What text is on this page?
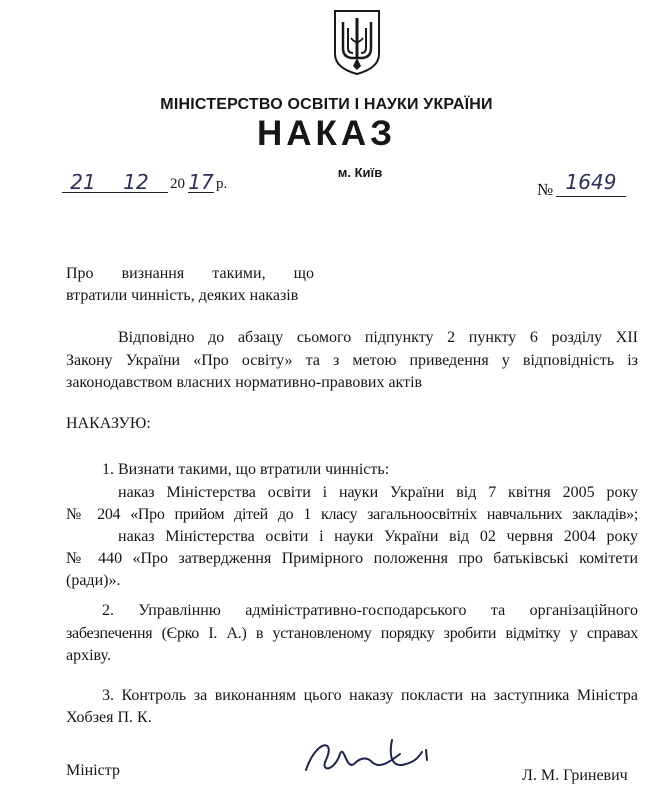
МІНІСТЕРСТВО ОСВІТИ І НАУКИ УКРАЇНИ
НАКАЗ
21	12	20 17 р.
м. Київ
№ 1649
Про визнання такими, що
втратили чинність, деяких наказів
Відповідно до абзацу сьомого підпункту 2 пункту 6 розділу XII
Закону України «Про освіту» та з метою приведення у відповідність із
законодавством власних нормативно-правових актів
НАКАЗУЮ:
1. Визнати такими, що втратили чинність:
наказ Міністерства освіти і науки України від 7 квітня 2005 року
№ 204 «Про прийом дітей до 1 класу загальноосвітніх навчальних закладів»;
наказ Міністерства освіти і науки України від 02 червня 2004 року
№ 440 «Про затвердження Примірного положення про батьківські комітети
(ради)».
2. Управлінню адміністративно-господарського та організаційного
забезпечення (Єрко І. А.) в установленому порядку зробити відмітку у справах
архіву.
3. Контроль за виконанням цього наказу покласти на заступника Міністра
Хобзея П. К.
Міністр	Л. М. Гриневич
